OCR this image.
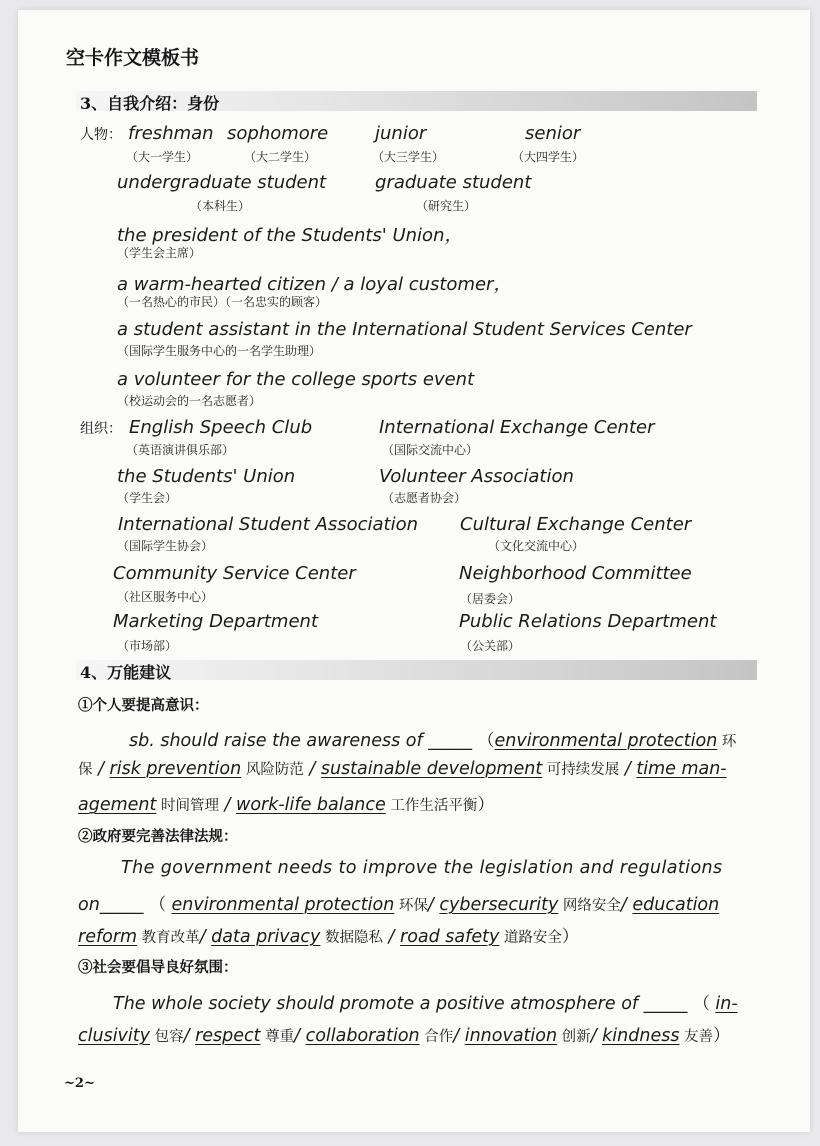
空卡作文模板书
3、自我介绍：身份
人物： freshman
（大一学生）
sophomore
（大二学生）
junior
（大三学生）
senior
（大四学生）
undergraduate student
（本科生）
graduate student
（研究生）
the president of the Students' Union，
（学生会主席）
a warm-hearted citizen / a loyal customer，
（一名热心的市民）（一名忠实的顾客）
a student assistant in the International Student Services Center
（国际学生服务中心的一名学生助理）
a volunteer for the college sports event
（校运动会的一名志愿者）
组织： English Speech Club
（英语演讲俱乐部）
International Exchange Center
（国际交流中心）
the Students' Union
（学生会）
Volunteer Association
（志愿者协会）
International Student Association
（国际学生协会）
Cultural Exchange Center
（文化交流中心）
Community Service Center
（社区服务中心）
Neighborhood Committee
（居委会）
Marketing Department
（市场部）
Public Relations Department
（公关部）
4、万能建议
①个人要提高意识：
sb. should raise the awareness of _____ （environmental protection 环
保 / risk prevention 风险防范 / sustainable development 可持续发展 / time man-
agement 时间管理 / work-life balance 工作生活平衡）
②政府要完善法律法规：
The government needs to improve the legislation and regulations
on_____ （ environmental protection 环保/ cybersecurity 网络安全/ education
reform 教育改革/ data privacy 数据隐私 / road safety 道路安全）
③社会要倡导良好氛围：
The whole society should promote a positive atmosphere of _____ （ in-
clusivity 包容/ respect 尊重/ collaboration 合作/ innovation 创新/ kindness 友善）
~2~
